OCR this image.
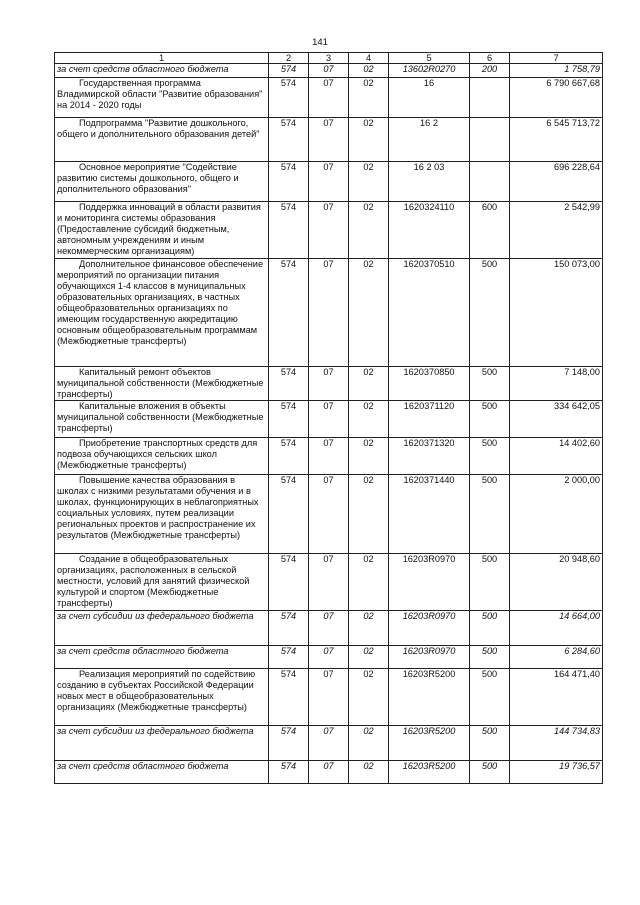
141
1	2	3	4	5	6	7
за счет средств областного бюджета	574	07	02	13602R0270	200	1 758,79
Государственная программа Владимирской области "Развитие образования" на 2014 - 2020 годы	574	07	02	16		6 790 667,68
Подпрограмма "Развитие дошкольного, общего и дополнительного образования детей"	574	07	02	16 2		6 545 713,72
Основное мероприятие "Содействие развитию системы дошкольного, общего и дополнительного образования"	574	07	02	16 2 03		696 228,64
Поддержка инноваций в области развития и мониторинга системы образования (Предоставление субсидий бюджетным, автономным учреждениям и иным некоммерческим организациям)	574	07	02	1620324110	600	2 542,99
Дополнительное финансовое обеспечение мероприятий по организации питания обучающихся 1-4 классов в муниципальных образовательных организациях, в частных общеобразовательных организациях по имеющим государственную аккредитацию основным общеобразовательным программам (Межбюджетные трансферты)	574	07	02	1620370510	500	150 073,00
Капитальный ремонт объектов муниципальной собственности (Межбюджетные трансферты)	574	07	02	1620370850	500	7 148,00
Капитальные вложения в объекты муниципальной собственности (Межбюджетные трансферты)	574	07	02	1620371120	500	334 642,05
Приобретение транспортных средств для подвоза обучающихся сельских школ (Межбюджетные трансферты)	574	07	02	1620371320	500	14 402,60
Повышение качества образования в школах с низкими результатами обучения и в школах, функционирующих в неблагоприятных социальных условиях, путем реализации региональных проектов и распространение их результатов (Межбюджетные трансферты)	574	07	02	1620371440	500	2 000,00
Создание в общеобразовательных организациях, расположенных в сельской местности, условий для занятий физической культурой и спортом (Межбюджетные трансферты)	574	07	02	16203R0970	500	20 948,60
за счет субсидии из федерального бюджета	574	07	02	16203R0970	500	14 664,00
за счет средств областного бюджета	574	07	02	16203R0970	500	6 284,60
Реализация мероприятий по содействию созданию в субъектах Российской Федерации новых мест в общеобразовательных организациях (Межбюджетные трансферты)	574	07	02	16203R5200	500	164 471,40
за счет субсидии из федерального бюджета	574	07	02	16203R5200	500	144 734,83
за счет средств областного бюджета	574	07	02	16203R5200	500	19 736,57
